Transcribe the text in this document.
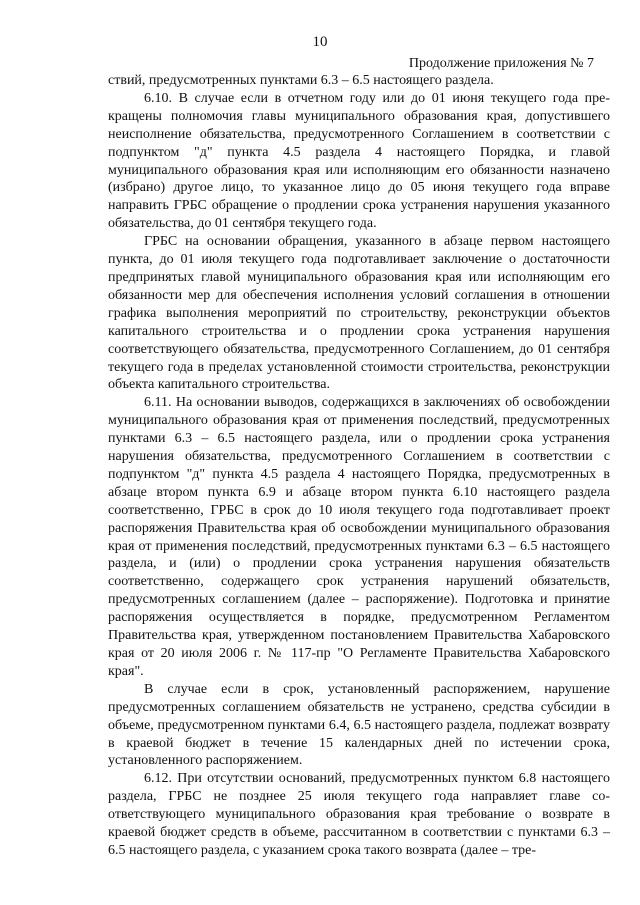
10
Продолжение приложения № 7

ствий, предусмотренных пунктами 6.3 – 6.5 настоящего раздела.

6.10. В случае если в отчетном году или до 01 июня текущего года прекращены полномочия главы муниципального образования края, допустившего неисполнение обязательства, предусмотренного Соглашением в соответствии с подпунктом "д" пункта 4.5 раздела 4 настоящего Порядка, и главой муниципального образования края или исполняющим его обязанности назначено (избрано) другое лицо, то указанное лицо до 05 июня текущего года вправе направить ГРБС обращение о продлении срока устранения нарушения указанного обязательства, до 01 сентября текущего года.

ГРБС на основании обращения, указанного в абзаце первом настоящего пункта, до 01 июля текущего года подготавливает заключение о достаточности предпринятых главой муниципального образования края или исполняющим его обязанности мер для обеспечения исполнения условий соглашения в отношении графика выполнения мероприятий по строительству, реконструкции объектов капитального строительства и о продлении срока устранения нарушения соответствующего обязательства, предусмотренного Соглашением, до 01 сентября текущего года в пределах установленной стоимости строительства, реконструкции объекта капитального строительства.

6.11. На основании выводов, содержащихся в заключениях об освобождении муниципального образования края от применения последствий, предусмотренных пунктами 6.3 – 6.5 настоящего раздела, или о продлении срока устранения нарушения обязательства, предусмотренного Соглашением в соответствии с подпунктом "д" пункта 4.5 раздела 4 настоящего Порядка, предусмотренных в абзаце втором пункта 6.9 и абзаце втором пункта 6.10 настоящего раздела соответственно, ГРБС в срок до 10 июля текущего года подготавливает проект распоряжения Правительства края об освобождении муниципального образования края от применения последствий, предусмотренных пунктами 6.3 – 6.5 настоящего раздела, и (или) о продлении срока устранения нарушения обязательств соответственно, содержащего срок устранения нарушений обязательств, предусмотренных соглашением (далее – распоряжение). Подготовка и принятие распоряжения осуществляется в порядке, предусмотренном Регламентом Правительства края, утвержденном постановлением Правительства Хабаровского края от 20 июля 2006 г. № 117-пр "О Регламенте Правительства Хабаровского края".

В случае если в срок, установленный распоряжением, нарушение предусмотренных соглашением обязательств не устранено, средства субсидии в объеме, предусмотренном пунктами 6.4, 6.5 настоящего раздела, подлежат возврату в краевой бюджет в течение 15 календарных дней по истечении срока, установленного распоряжением.

6.12. При отсутствии оснований, предусмотренных пунктом 6.8 настоящего раздела, ГРБС не позднее 25 июля текущего года направляет главе соответствующего муниципального образования края требование о возврате в краевой бюджет средств в объеме, рассчитанном в соответствии с пунктами 6.3 – 6.5 настоящего раздела, с указанием срока такого возврата (далее – тре-
